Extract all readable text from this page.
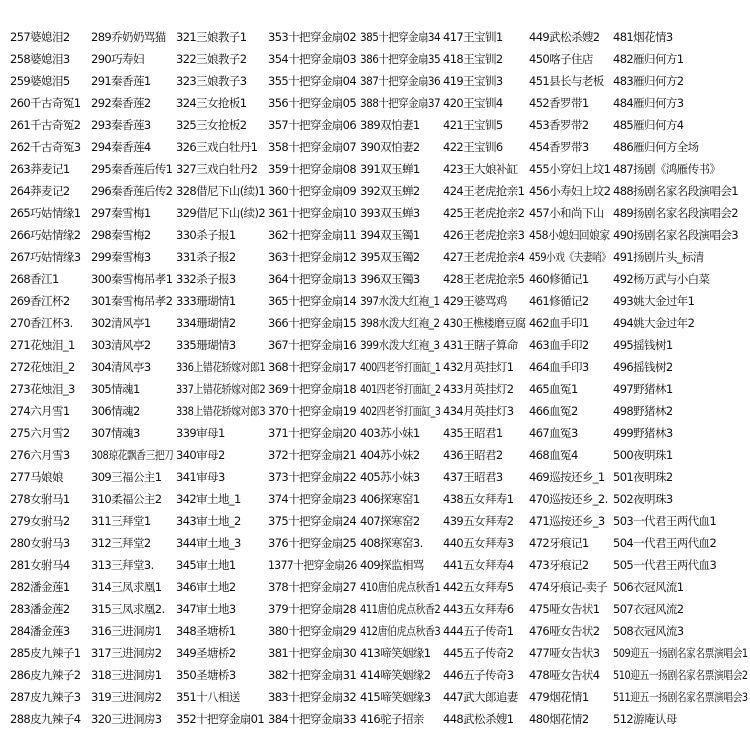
257婆媳泪2
258婆媳泪3
259婆媳泪5
260千古奇冤1
261千古奇冤2
262千古奇冤3
263莽麦记1
264莽麦记2
265巧姑情缘1
266巧姑情缘2
267巧姑情缘3
268香江1
269香江杯2
270香江杯3.
271花烛泪_1
272花烛泪_2
273花烛泪_3
274六月雪1
275六月雪2
276六月雪3
277马娘娘
278女驸马1
279女驸马2
280女驸马3
281女驸马4
282潘金莲1
283潘金莲2
284潘金莲3
285皮九辣子1
286皮九辣子2
287皮九辣子3
288皮九辣子4
289乔奶奶骂猫
290巧寿妇
291秦香莲1
292秦香莲2
293秦香莲3
294秦香莲4
295秦香莲后传1
296秦香莲后传2
297秦雪梅1
298秦雪梅2
299秦雪梅3
300秦雪梅吊孝1
301秦雪梅吊孝2
302清风亭1
303清风亭2
304清风亭3
305情魂1
306情魂2
307情魂3
308琼花飘香三把刀
309三福公主1
310柔福公主2
311三拜堂1
312三拜堂2
313三拜堂3.
314三凤求凰1
315三凤求凰2.
316三进洞房1
317三进洞房2
318三进洞房1
319三进洞房2
320三进洞房3
321三娘教子1
322三娘教子2
323三娘教子3
324三女抢板1
325三女抢板2
326三戏白牡丹1
327三戏白牡丹2
328借尼下山(续)1
329借尼下山(续)2
330杀子报1
331杀子报2
332杀子报3
333珊瑚情1
334珊瑚情2
335珊瑚情3
336上错花轿嫁对郎1
337上错花轿嫁对郎2
338上错花轿嫁对郎3
339审母1
340审母2
341审母3
342审土地_1
343审土地_2
344审土地_3
345审土地1
346审土地2
347审土地3
348圣塘桥1
349圣塘桥2
350圣塘桥3
351十八相送
352十把穿金扇01
353十把穿金扇02
354十把穿金扇03
355十把穿金扇04
356十把穿金扇05
357十把穿金扇06
358十把穿金扇07
359十把穿金扇08
360十把穿金扇09
361十把穿金扇10
362十把穿金扇11
363十把穿金扇12
364十把穿金扇13
365十把穿金扇14
366十把穿金扇15
367十把穿金扇16
368十把穿金扇17
369十把穿金扇18
370十把穿金扇19
371十把穿金扇20
372十把穿金扇21
373十把穿金扇22
374十把穿金扇23
375十把穿金扇24
376十把穿金扇25
1377十把穿金扇26
378十把穿金扇27
379十把穿金扇28
380十把穿金扇29
381十把穿金扇30
382十把穿金扇31
383十把穿金扇32
384十把穿金扇33
385十把穿金扇34
386十把穿金扇35
387十把穿金扇36
388十把穿金扇37
389双怕妻1
390双怕妻2
391双玉蝉1
392双玉蝉2
393双玉蝉3
394双玉镯1
395双玉镯2
396双玉镯3
397水泼大红袍_1
398水泼大红袍_2
399水泼大红袍_3
400四老爷打面缸_1
401四老爷打面缸_2
402四老爷打面缸_3
403苏小妹1
404苏小妹2
405苏小妹3
406探寒窑1
407探寒窑2
408探寒窑3.
409探监相骂
410唐伯虎点秋香1
411唐伯虎点秋香2
412唐伯虎点秋香3
413啼笑姻缘1
414啼笑姻缘2
415啼笑姻缘3
416驼子招亲
417王宝钏1
418王宝钏2
419王宝钏3
420王宝钏4
421王宝钏5
422王宝钏6
423王大娘补缸
424王老虎抢亲1
425王老虎抢亲2
426王老虎抢亲3
427王老虎抢亲4
428王老虎抢亲5
429王婆骂鸡
430王樵楼磨豆腐
431王瞎子算命
432月英挂灯1
433月英挂灯2
434月英挂灯3
435王昭君1
436王昭君2
437王昭君3
438五女拜寿1
439五女拜寿2
440五女拜寿3
441五女拜寿4
442五女拜寿5
443五女拜寿6
444五子传奇1
445五子传奇2
446五子传奇3
447武大郎追妻
448武松杀嫂1
449武松杀嫂2
450喀子住店
451县长与老板
452香罗带1
453香罗带2
454香罗带3
455小穿妇上坟1
456小寿妇上坟2
457小和尚下山
458小媳妇回娘家
459小戏《夫妻哨》
460修循记1
461修循记2
462血手印1
463血手印2
464血手印3
465血冤1
466血冤2
467血冤3
468血冤4
469巡按还乡_1
470巡按还乡_2.
471巡按还乡_3
472牙痕记1
473牙痕记2
474牙痕记-卖子
475哑女告状1
476哑女告状2
477哑女告状3
478哑女告状4
479烟花情1
480烟花情2
481烟花情3
482雁归何方1
483雁归何方2
484雁归何方3
485雁归何方4
486雁归何方全场
487扬剧《鸿雁传书》
488扬剧名家名段演唱会1
489扬剧名家名段演唱会2
490扬剧名家名段演唱会3
491扬剧片头_标清
492杨万武与小白菜
493姚大金过年1
494姚大金过年2
495摇钱树1
496摇钱树2
497野猪林1
498野猪林2
499野猪林3
500夜明珠1
501夜明珠2
502夜明珠3
503一代君王两代血1
504一代君王两代血2
505一代君王两代血3
506衣冠风流1
507衣冠风流2
508衣冠风流3
509迎五一扬剧名家名票演唱会1
510迎五一扬剧名家名票演唱会2
511迎五一扬剧名家名票演唱会3
512游庵认母
